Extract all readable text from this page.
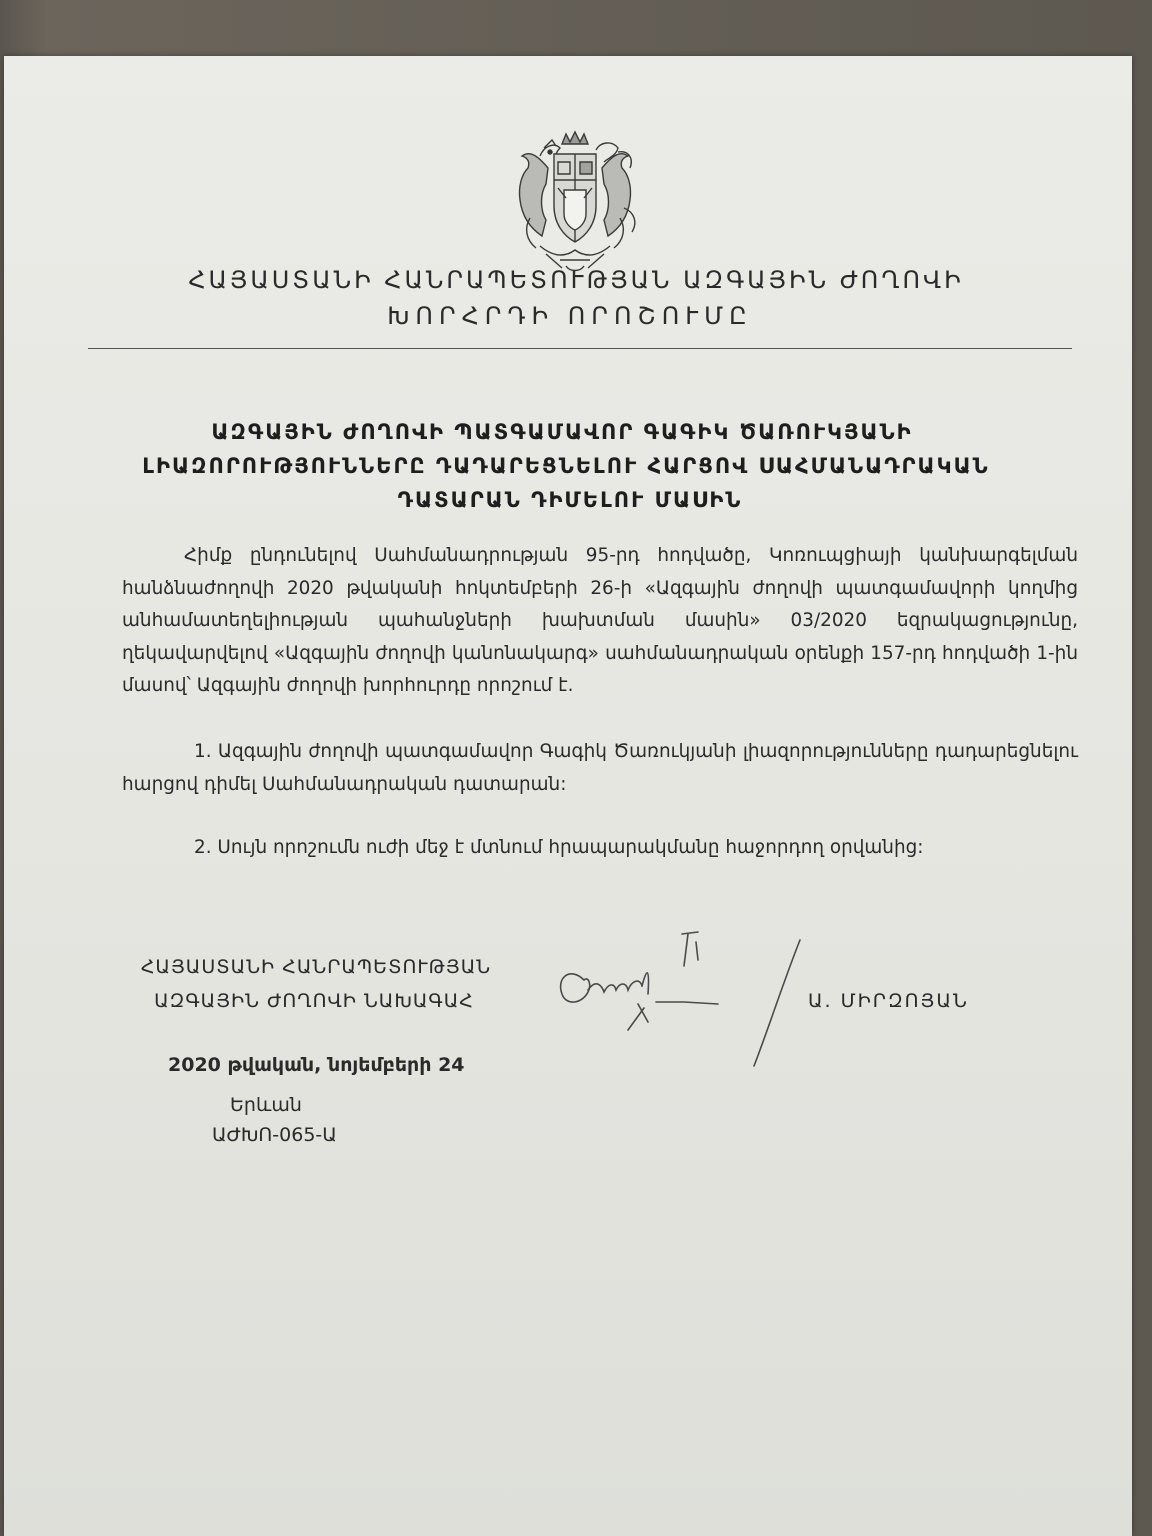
ՀԱՅԱՍՏԱՆԻ ՀԱՆՐԱՊԵՏՈՒԹՅԱՆ ԱԶԳԱՅԻՆ ԺՈՂՈՎԻ
ԽՈՐՀՐԴԻ ՈՐՈՇՈՒՄԸ
ԱԶԳԱՅԻՆ ԺՈՂՈՎԻ ՊԱՏԳԱՄԱՎՈՐ ԳԱԳԻԿ ԾԱՌՈՒԿՅԱՆԻ
ԼԻԱԶՈՐՈՒԹՅՈՒՆՆԵՐԸ ԴԱԴԱՐԵՑՆԵԼՈՒ ՀԱՐՑՈՎ ՍԱՀՄԱՆԱԴՐԱԿԱՆ
ԴԱՏԱՐԱՆ ԴԻՄԵԼՈՒ ՄԱՍԻՆ
Հիմք ընդունելով Սահմանադրության 95-րդ հոդվածը, Կոռուպցիայի կանխարգելման հանձնաժողովի 2020 թվականի հոկտեմբերի 26-ի «Ազգային ժողովի պատգամավորի կողմից անհամատեղելիության պահանջների խախտման մասին» 03/2020 եզրակացությունը, ղեկավարվելով «Ազգային ժողովի կանոնակարգ» սահմանադրական օրենքի 157-րդ հոդվածի 1-ին մասով՝ Ազգային ժողովի խորհուրդը որոշում է.
1. Ազգային ժողովի պատգամավոր Գագիկ Ծառուկյանի լիազորությունները դադարեցնելու հարցով դիմել Սահմանադրական դատարան:
2. Սույն որոշումն ուժի մեջ է մտնում հրապարակմանը հաջորդող օրվանից:
ՀԱՅԱՍՏԱՆԻ ՀԱՆՐԱՊԵՏՈՒԹՅԱՆ
ԱԶԳԱՅԻՆ ԺՈՂՈՎԻ ՆԱԽԱԳԱՀ	Ա. ՄԻՐԶՈՅԱՆ
2020 թվական, նոյեմբերի 24
Երևան
ԱԺԽՈ-065-Ա
